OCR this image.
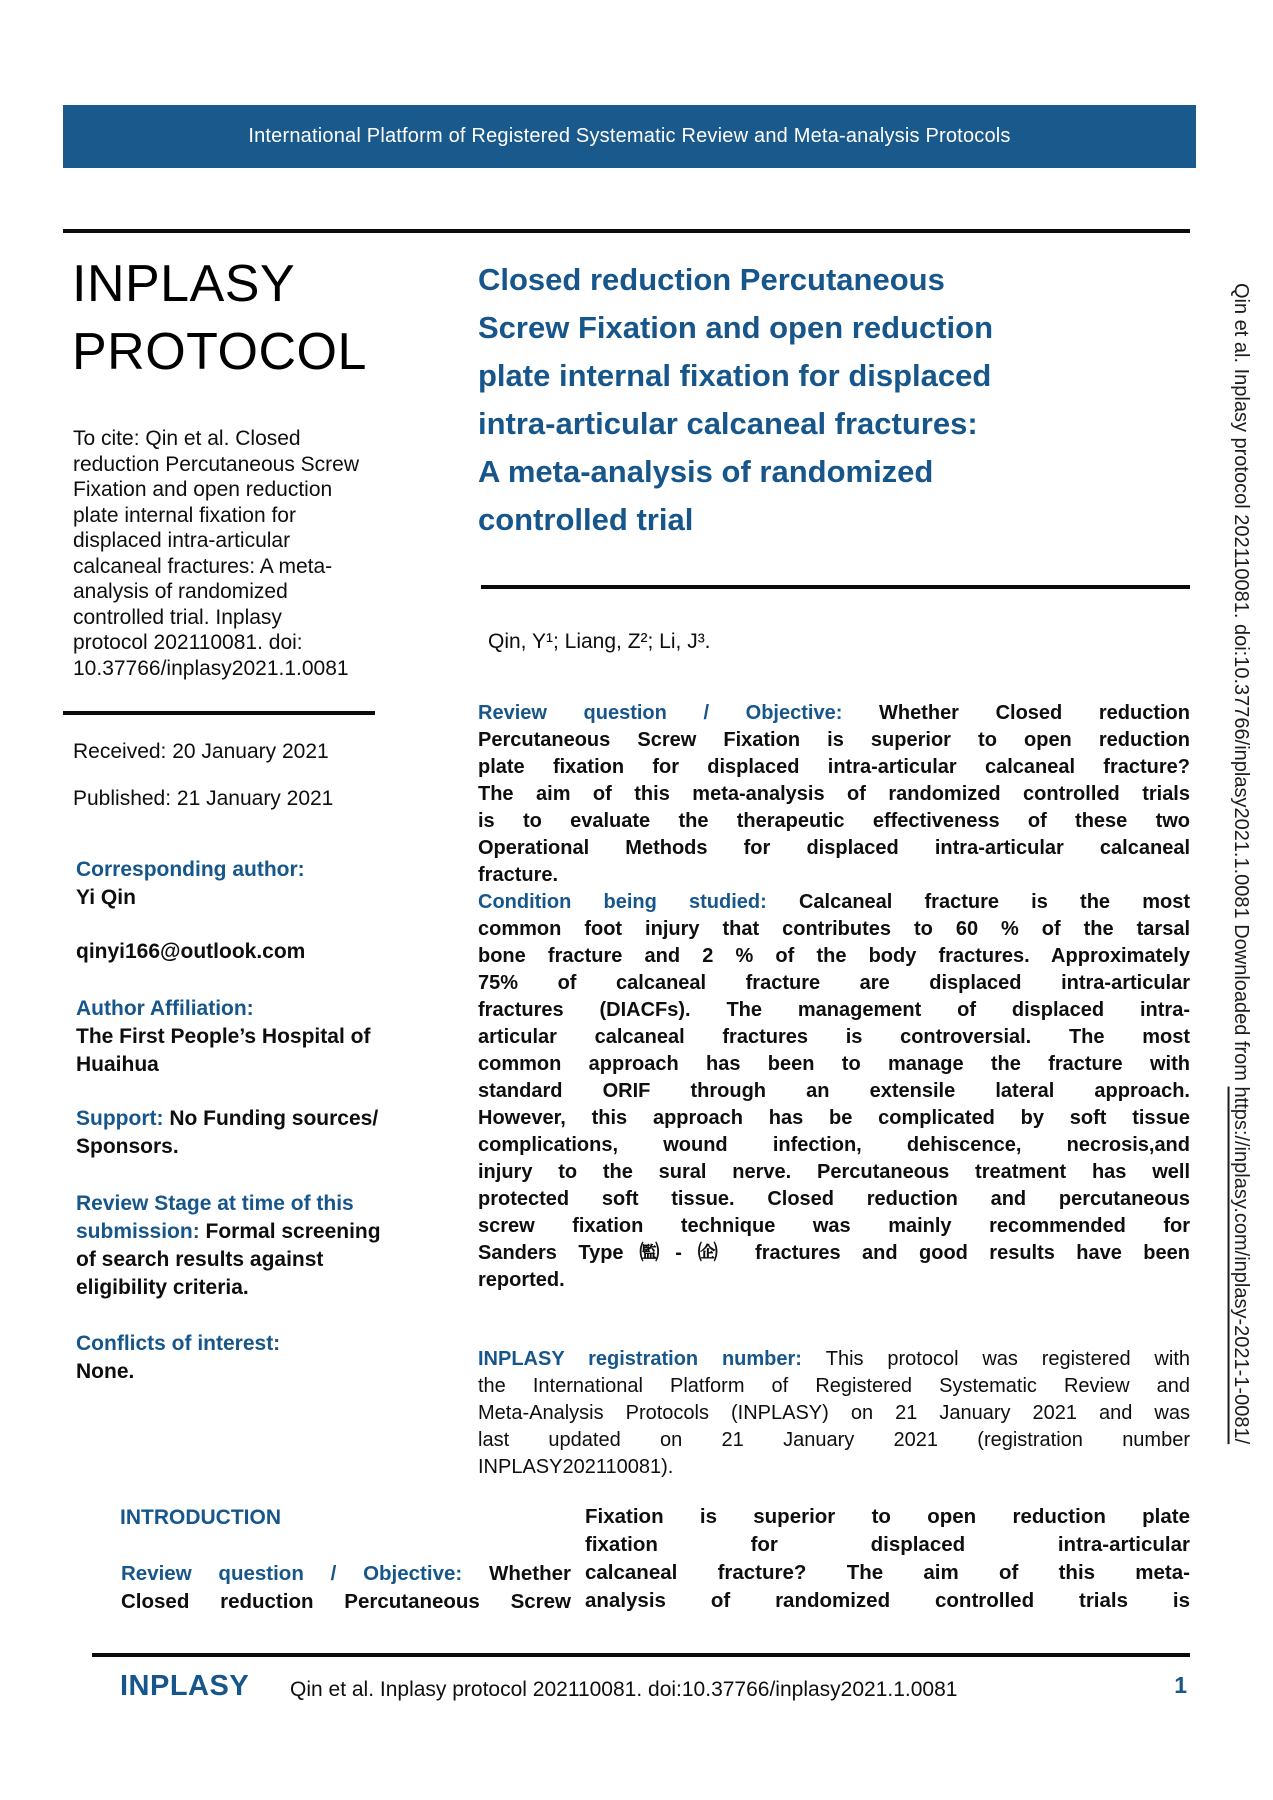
International Platform of Registered Systematic Review and Meta-analysis Protocols
INPLASY
PROTOCOL
To cite: Qin et al. Closed
reduction Percutaneous Screw
Fixation and open reduction
plate internal fixation for
displaced intra-articular
calcaneal fractures: A meta-
analysis of randomized
controlled trial. Inplasy
protocol 202110081. doi:
10.37766/inplasy2021.1.0081
Received: 20 January 2021
Published: 21 January 2021

Corresponding author:

Yi Qin

qinyi166@outlook.com

Author Affiliation:

The First People’s Hospital of
Huaihua

Support: No Funding sources/
Sponsors.

Review Stage at time of this
submission: Formal screening
of search results against
eligibility criteria.

Conflicts of interest:

None.

Closed reduction Percutaneous
Screw Fixation and open reduction
plate internal fixation for displaced
intra-articular calcaneal fractures:
A meta-analysis of randomized
controlled trial
Qin, Y¹; Liang, Z²; Li, J³.

Review question / Objective: Whether Closed reduction
Percutaneous Screw Fixation is superior to open reduction
plate fixation for displaced intra-articular calcaneal fracture?
The aim of this meta-analysis of randomized controlled trials
is to evaluate the therapeutic effectiveness of these two
Operational Methods for displaced intra-articular calcaneal

fracture.

Condition being studied: Calcaneal fracture is the most
common foot injury that contributes to 60 % of the tarsal
bone fracture and 2 % of the body fractures. Approximately
75% of calcaneal fracture are displaced intra-articular
fractures (DIACFs). The management of displaced intra-
articular calcaneal fractures is controversial. The most
common approach has been to manage the fracture with
standard ORIF through an extensile lateral approach.
However, this approach has be complicated by soft tissue
complications, wound infection, dehiscence, necrosis,and
injury to the sural nerve. Percutaneous treatment has well
protected soft tissue. Closed reduction and percutaneous
screw fixation technique was mainly recommended for
Sanders Type㈼-㈽ fractures and good results have been

reported.

INPLASY registration number: This protocol was registered with
the International Platform of Registered Systematic Review and
Meta-Analysis Protocols (INPLASY) on 21 January 2021 and was
last updated on 21 January 2021 (registration number

INPLASY202110081).

INTRODUCTION

Review question / Objective: Whether
Closed reduction Percutaneous Screw

Fixation is superior to open reduction plate
fixation for displaced intra-articular
calcaneal fracture? The aim of this meta-
analysis of randomized controlled trials is
INPLASY Qin et al. Inplasy protocol 202110081. doi:10.37766/inplasy2021.1.0081	1
Qin et al. Inplasy protocol 202110081. doi:10.37766/inplasy2021.1.0081 Downloaded from https://inplasy.com/inplasy-2021-1-0081/
